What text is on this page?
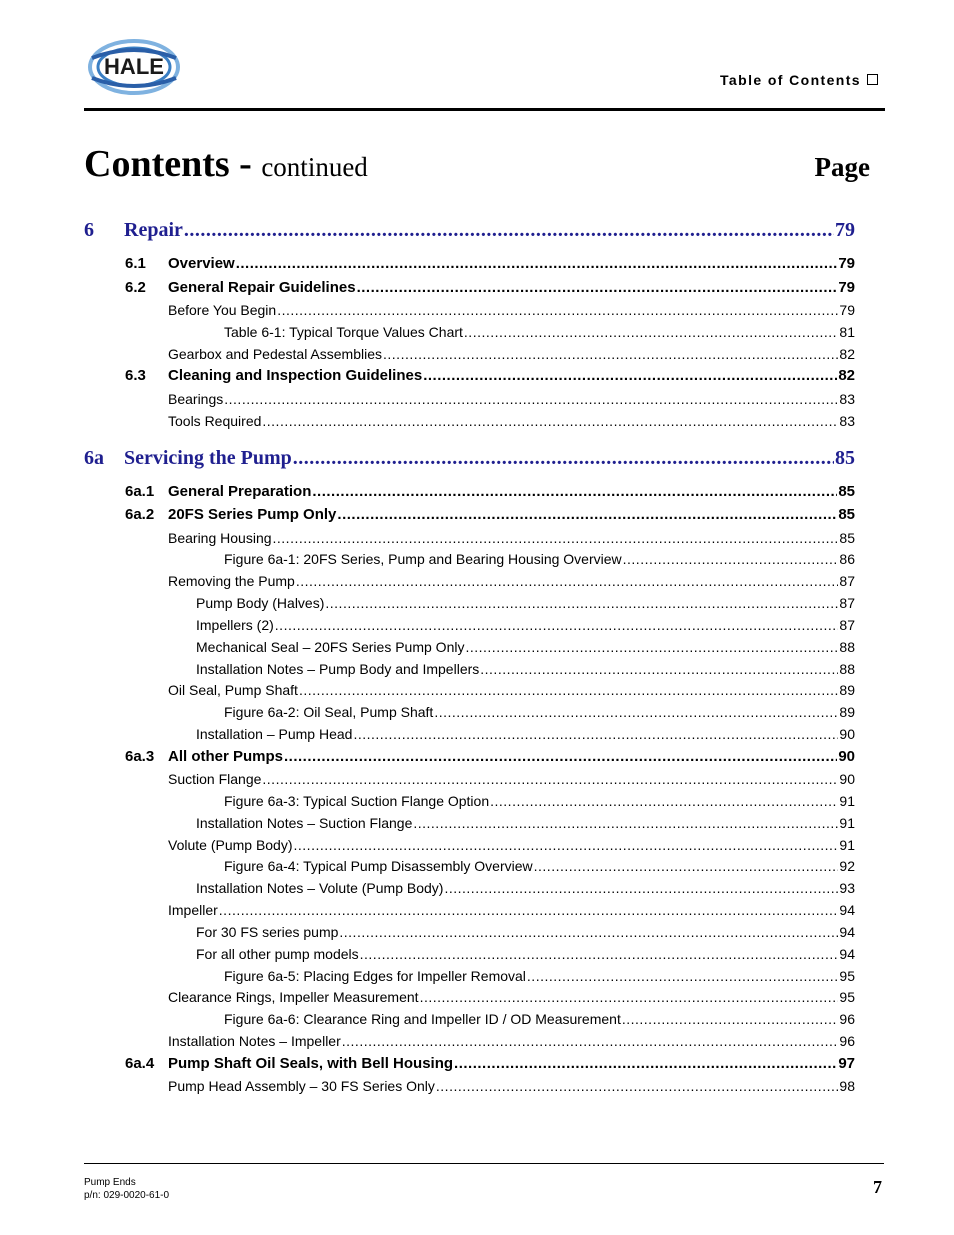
HALE
Table of Contents
Contents - continued	Page
6	Repair .....	79
6.1	Overview .....	79
6.2	General Repair Guidelines .....	79
Before You Begin .....	79
Table 6-1: Typical Torque Values Chart .....	81
Gearbox and Pedestal Assemblies .....	82
6.3	Cleaning and Inspection Guidelines .....	82
Bearings .....	83
Tools Required .....	83
6a	Servicing the Pump .....	85
6a.1 General Preparation .....	85
6a.2 20FS Series Pump Only .....	85
Bearing Housing .....	85
Figure 6a-1: 20FS Series, Pump and Bearing Housing Overview .....	86
Removing the Pump .....	87
Pump Body (Halves) .....	87
Impellers (2) .....	87
Mechanical Seal – 20FS Series Pump Only .....	88
Installation Notes – Pump Body and Impellers .....	88
Oil Seal, Pump Shaft .....	89
Figure 6a-2: Oil Seal, Pump Shaft .....	89
Installation – Pump Head .....	90
6a.3 All other Pumps .....	90
Suction Flange .....	90
Figure 6a-3: Typical Suction Flange Option .....	91
Installation Notes – Suction Flange .....	91
Volute (Pump Body) .....	91
Figure 6a-4: Typical Pump Disassembly Overview .....	92
Installation Notes – Volute (Pump Body) .....	93
Impeller .....	94
For 30 FS series pump .....	94
For all other pump models .....	94
Figure 6a-5: Placing Edges for Impeller Removal .....	95
Clearance Rings, Impeller Measurement .....	95
Figure 6a-6: Clearance Ring and Impeller ID / OD Measurement .....	96
Installation Notes – Impeller .....	96
6a.4 Pump Shaft Oil Seals, with Bell Housing .....	97
Pump Head Assembly – 30 FS Series Only .....	98
Pump Ends
p/n: 029-0020-61-0	7
